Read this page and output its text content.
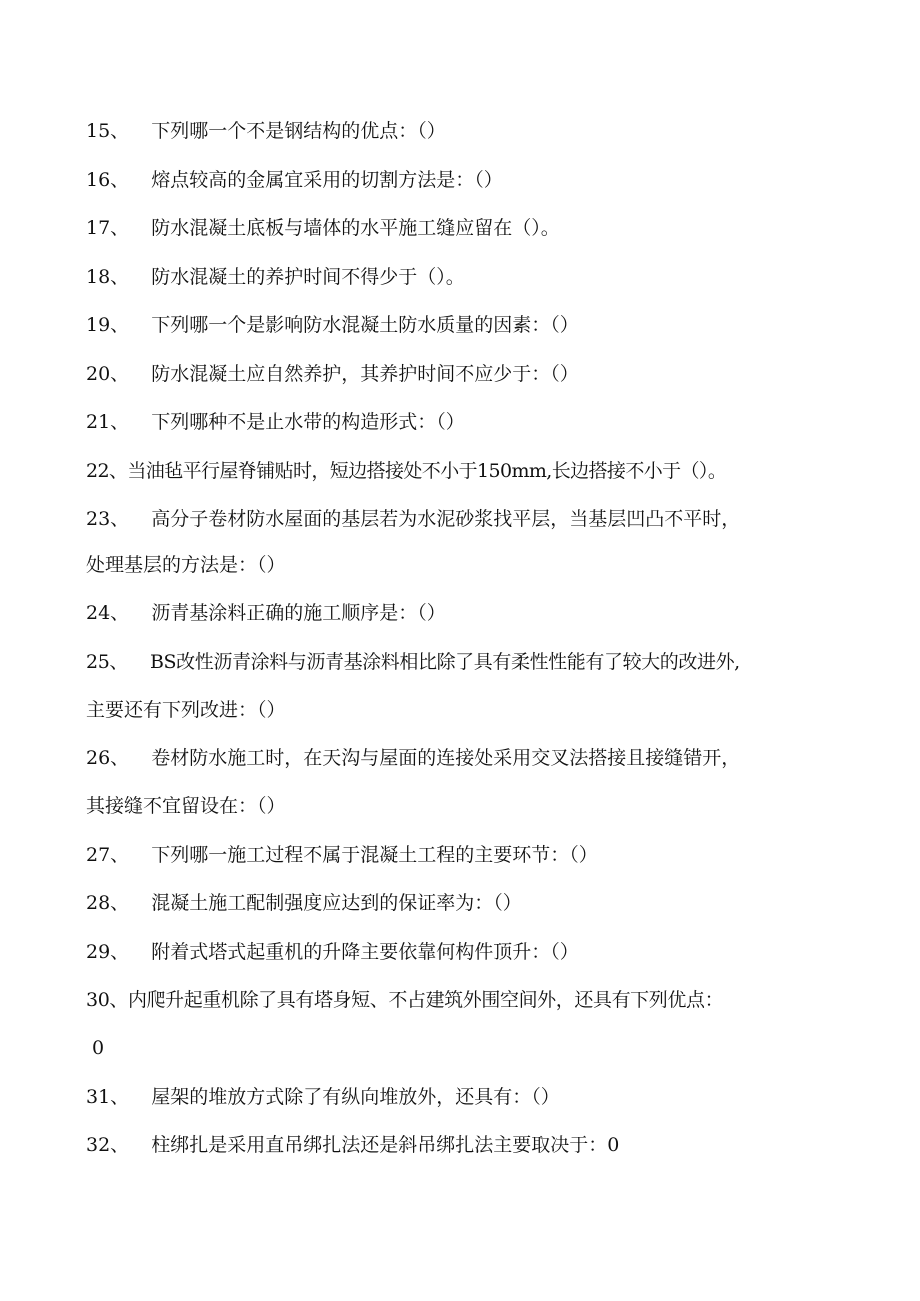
15、 下列哪一个不是钢结构的优点：（）
16、 熔点较高的金属宜采用的切割方法是：（）
17、 防水混凝土底板与墙体的水平施工缝应留在（）。
18、 防水混凝土的养护时间不得少于（）。
19、 下列哪一个是影响防水混凝土防水质量的因素：（）
20、 防水混凝土应自然养护，其养护时间不应少于：（）
21、 下列哪种不是止水带的构造形式：（）
22、当油毡平行屋脊铺贴时，短边搭接处不小于150mm,长边搭接不小于（）。
23、 高分子卷材防水屋面的基层若为水泥砂浆找平层，当基层凹凸不平时，
处理基层的方法是：（）
24、 沥青基涂料正确的施工顺序是：（）
25、 BS改性沥青涂料与沥青基涂料相比除了具有柔性性能有了较大的改进外,
主要还有下列改进：（）
26、 卷材防水施工时，在天沟与屋面的连接处采用交叉法搭接且接缝错开，
其接缝不宜留设在：（）
27、 下列哪一施工过程不属于混凝土工程的主要环节：（）
28、 混凝土施工配制强度应达到的保证率为：（）
29、 附着式塔式起重机的升降主要依靠何构件顶升：（）
30、内爬升起重机除了具有塔身短、不占建筑外围空间外，还具有下列优点：
0
31、 屋架的堆放方式除了有纵向堆放外，还具有：（）
32、 柱绑扎是采用直吊绑扎法还是斜吊绑扎法主要取决于：0
